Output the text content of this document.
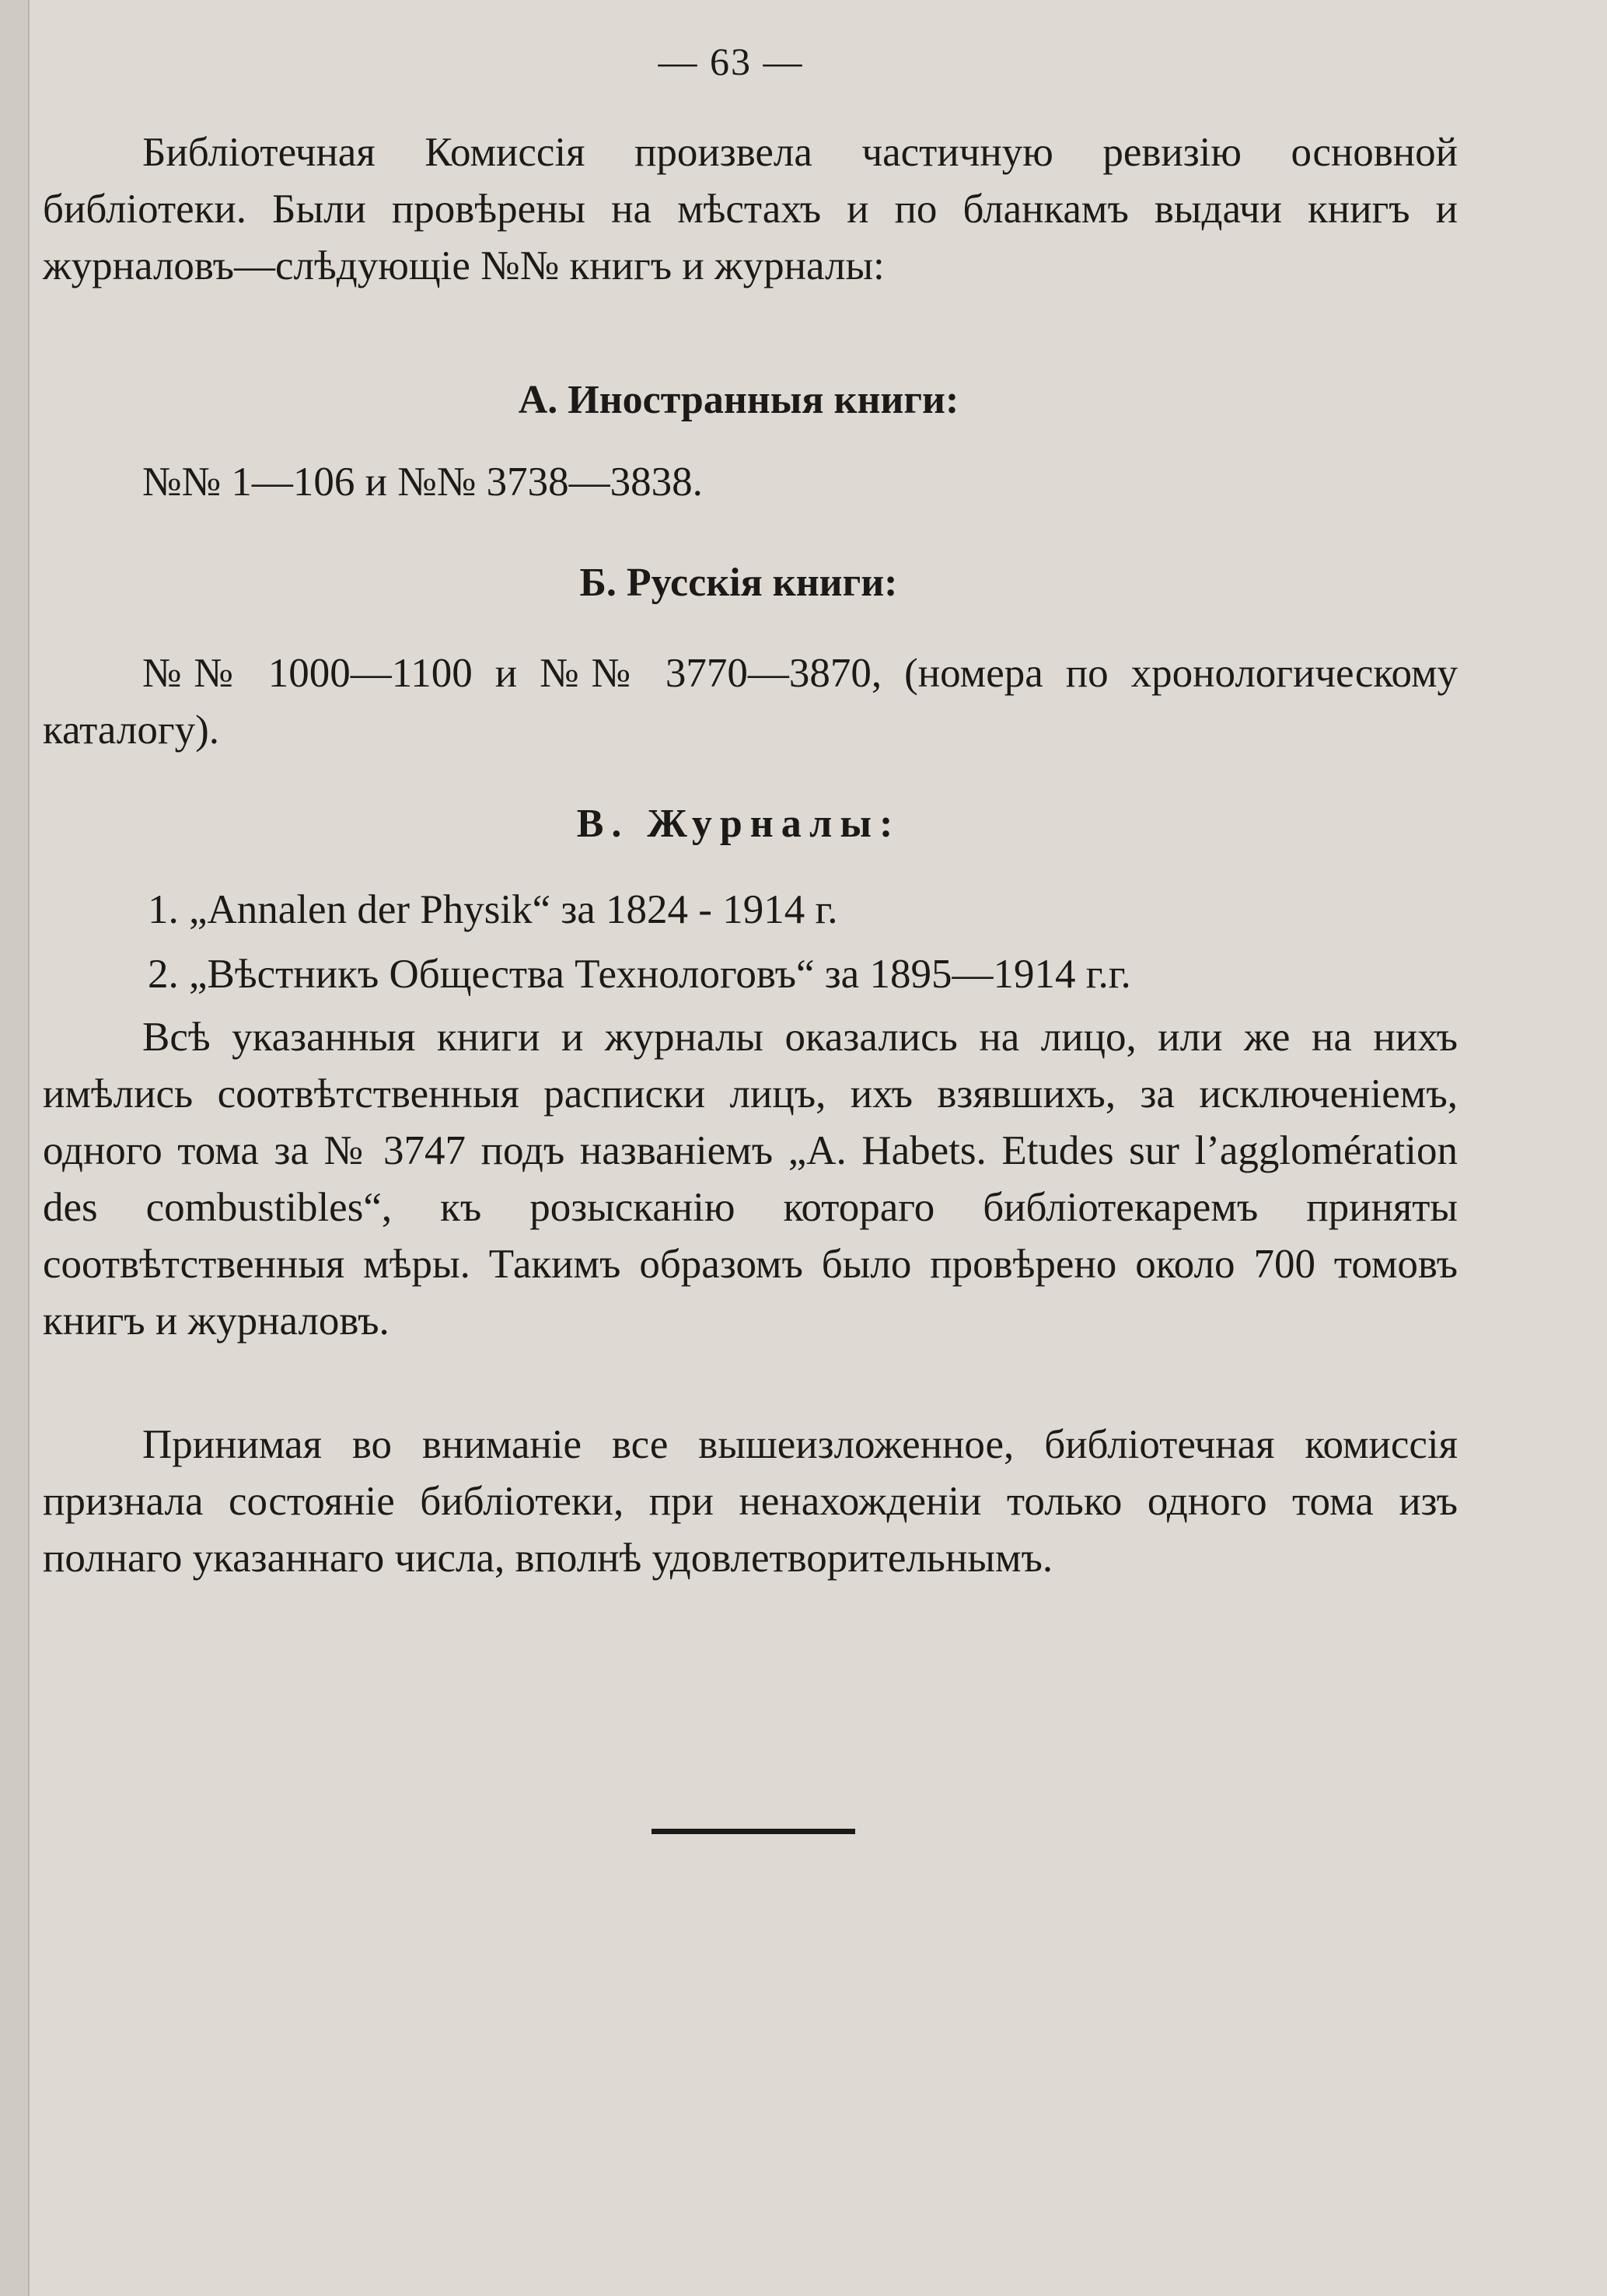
— 63 —

Библіотечная Комиссія произвела частичную ревизію основной библіотеки. Были провѣрены на мѣстахъ и по бланкамъ выдачи книгъ и журналовъ—слѣдующіе №№ книгъ и журналы:

А. Иностранныя книги:
№№ 1—106 и №№ 3738—3838.
Б. Русскія книги:

№№ 1000—1100 и №№ 3770—3870, (номера по хронологическому каталогу).

В. Журналы:
1. „Annalen der Physik“ за 1824 - 1914 г.
2. „Вѣстникъ Общества Технологовъ“ за 1895—1914 г.г.

Всѣ указанныя книги и журналы оказались на лицо, или же на нихъ имѣлись соотвѣтственныя расписки лицъ, ихъ взявшихъ, за исключеніемъ, одного тома за № 3747 подъ названіемъ „A. Habets. Etudes sur l’agglomération des combustibles“, къ розысканію котораго библіотекаремъ приняты соотвѣтственныя мѣры. Такимъ образомъ было провѣрено около 700 томовъ книгъ и журналовъ.

Принимая во вниманіе все вышеизложенное, библіотечная комиссія признала состояніе библіотеки, при ненахожденіи только одного тома изъ полнаго указаннаго числа, вполнѣ удовлетворительнымъ.
